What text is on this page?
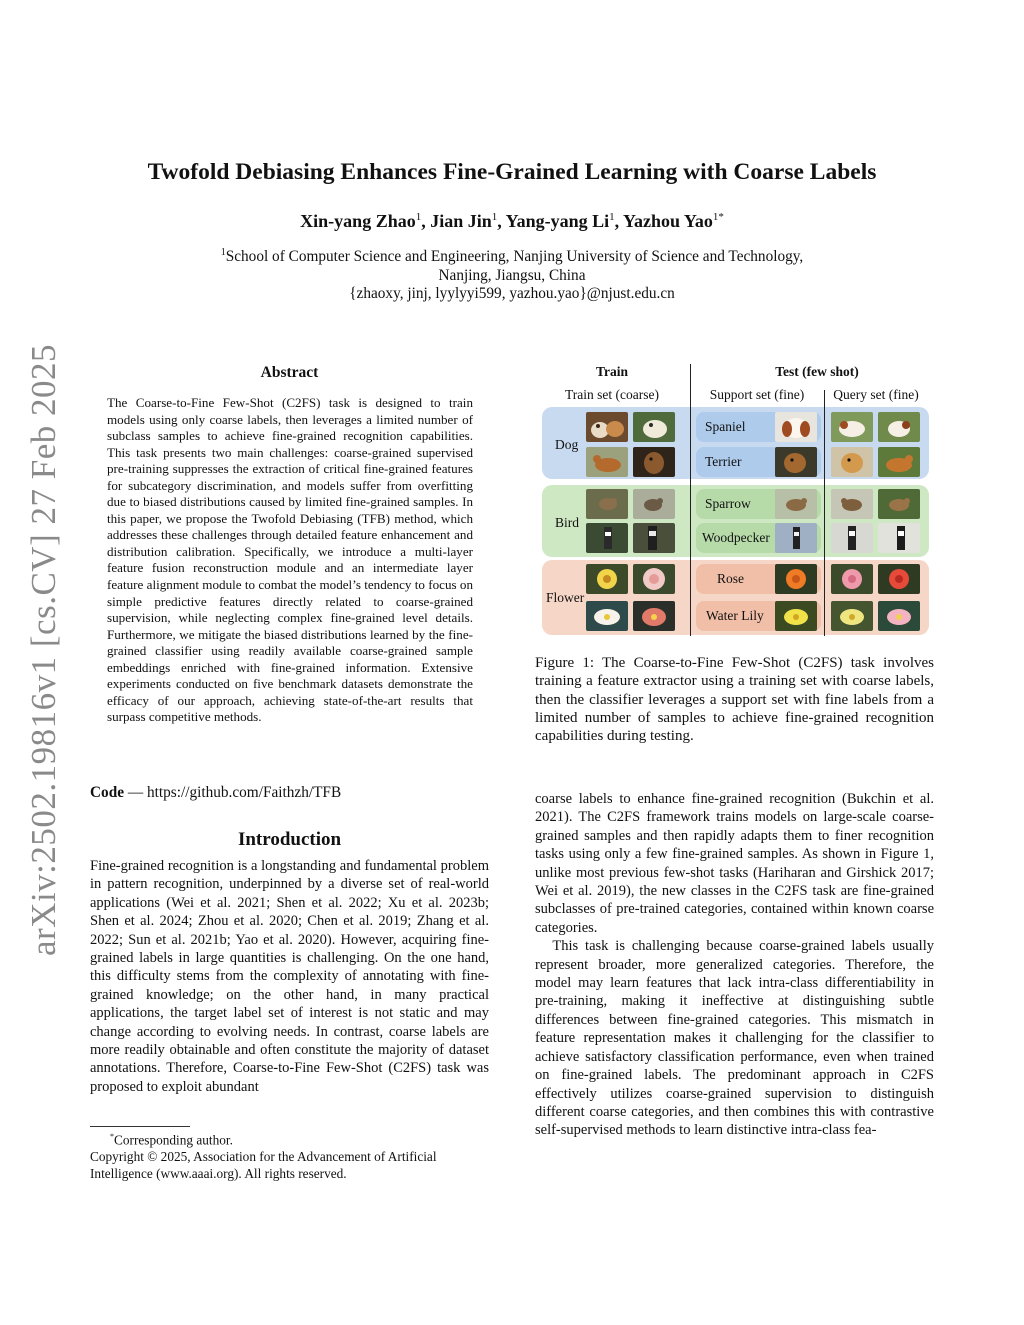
arXiv:2502.19816v1 [cs.CV] 27 Feb 2025
Twofold Debiasing Enhances Fine-Grained Learning with Coarse Labels
Xin-yang Zhao$^1$, Jian Jin$^1$, Yang-yang Li$^1$, Yazhou Yao$^{1*}$
$^1$School of Computer Science and Engineering, Nanjing University of Science and Technology,
Nanjing, Jiangsu, China
{zhaoxy, jinj, lyylyyi599, yazhou.yao}@njust.edu.cn
Abstract
The Coarse-to-Fine Few-Shot (C2FS) task is designed to train models using only coarse labels, then leverages a limited number of subclass samples to achieve fine-grained recognition capabilities. This task presents two main challenges: coarse-grained supervised pre-training suppresses the extraction of critical fine-grained features for subcategory discrimination, and models suffer from overfitting due to biased distributions caused by limited fine-grained samples. In this paper, we propose the Twofold Debiasing (TFB) method, which addresses these challenges through detailed feature enhancement and distribution calibration. Specifically, we introduce a multi-layer feature fusion reconstruction module and an intermediate layer feature alignment module to combat the model’s tendency to focus on simple predictive features directly related to coarse-grained supervision, while neglecting complex fine-grained level details. Furthermore, we mitigate the biased distributions learned by the fine-grained classifier using readily available coarse-grained sample embeddings enriched with fine-grained information. Extensive experiments conducted on five benchmark datasets demonstrate the efficacy of our approach, achieving state-of-the-art results that surpass competitive methods.
Code — https://github.com/Faithzh/TFB
Introduction

Fine-grained recognition is a longstanding and fundamental problem in pattern recognition, underpinned by a diverse set of real-world applications (Wei et al. 2021; Shen et al. 2022; Xu et al. 2023b; Shen et al. 2024; Zhou et al. 2020; Chen et al. 2019; Zhang et al. 2022; Sun et al. 2021b; Yao et al. 2020). However, acquiring fine-grained labels in large quantities is challenging. On the one hand, this difficulty stems from the complexity of annotating with fine-grained knowledge; on the other hand, in many practical applications, the target label set of interest is not static and may change according to evolving needs. In contrast, coarse labels are more readily obtainable and often constitute the majority of dataset annotations. Therefore, Coarse-to-Fine Few-Shot (C2FS) task was proposed to exploit abundant

*Corresponding author.
Copyright © 2025, Association for the Advancement of Artificial Intelligence (www.aaai.org). All rights reserved.

coarse labels to enhance fine-grained recognition (Bukchin et al. 2021). The C2FS framework trains models on large-scale coarse-grained samples and then rapidly adapts them to finer recognition tasks using only a few fine-grained samples. As shown in Figure 1, unlike most previous few-shot tasks (Hariharan and Girshick 2017; Wei et al. 2019), the new classes in the C2FS task are fine-grained subclasses of pre-trained categories, contained within known coarse categories.

This task is challenging because coarse-grained labels usually represent broader, more generalized categories. Therefore, the model may learn features that lack intra-class differentiability in pre-training, making it ineffective at distinguishing subtle differences between fine-grained categories. This mismatch in feature representation makes it challenging for the classifier to achieve satisfactory classification performance, even when trained on fine-grained labels. The predominant approach in C2FS effectively utilizes coarse-grained supervision to distinguish different coarse categories, and then combines this with contrastive self-supervised methods to learn distinctive intra-class fea-

Train	Test (few shot)
Train set (coarse)	Support set (fine)	Query set (fine)
Spaniel
Terrier
Sparrow
Woodpecker
Rose
Water Lily
Dog
Bird
Flower
Figure 1: The Coarse-to-Fine Few-Shot (C2FS) task involves training a feature extractor using a training set with coarse labels, then the classifier leverages a support set with fine labels from a limited number of samples to achieve fine-grained recognition capabilities during testing.
